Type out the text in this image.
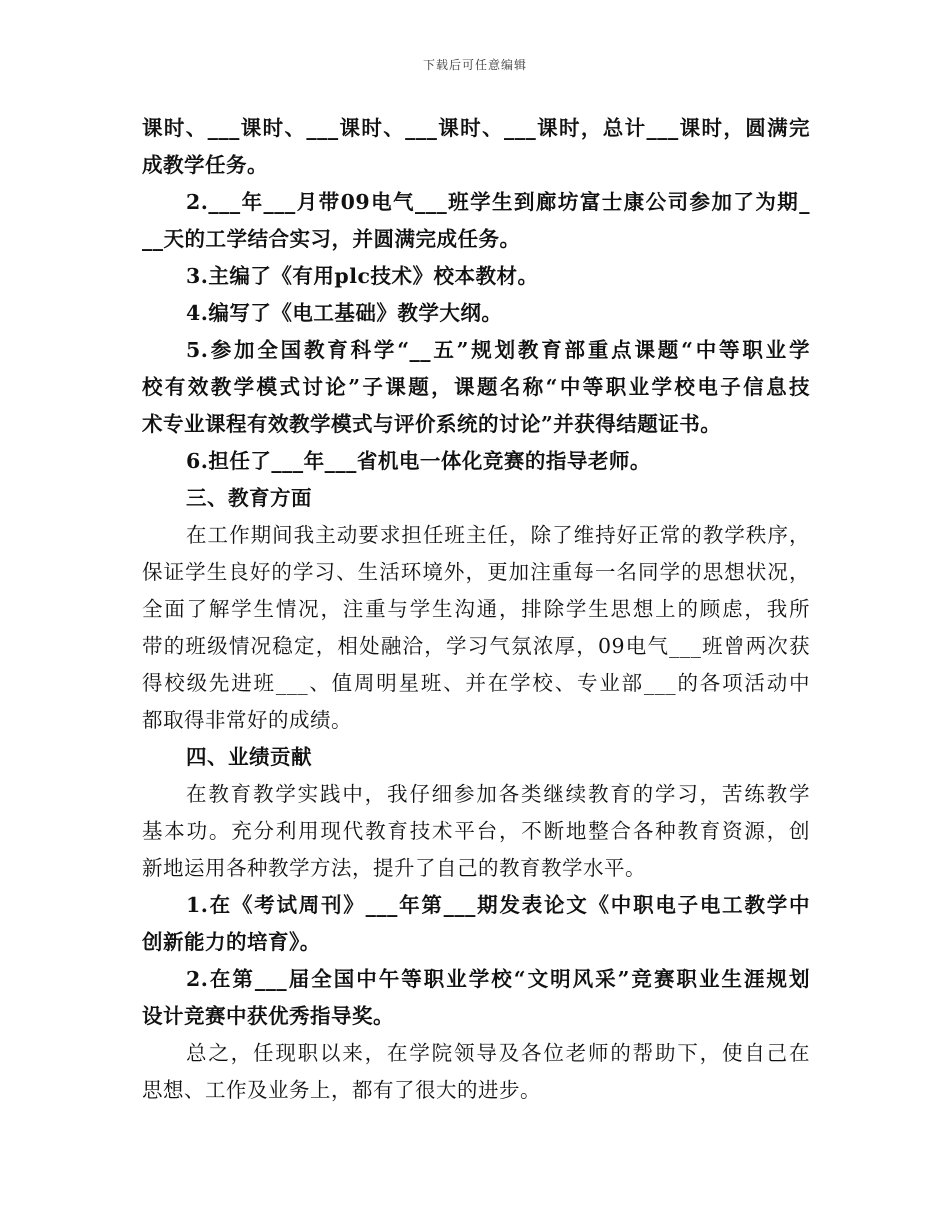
下载后可任意编辑
课时、___课时、___课时、___课时、___课时，总计___课时，圆满完
成教学任务。
2.___年___月带09电气___班学生到廊坊富士康公司参加了为期_
__天的工学结合实习，并圆满完成任务。
3.主编了《有用plc技术》校本教材。
4.编写了《电工基础》教学大纲。
5.参加全国教育科学“__五”规划教育部重点课题“中等职业学
校有效教学模式讨论”子课题，课题名称“中等职业学校电子信息技
术专业课程有效教学模式与评价系统的讨论”并获得结题证书。
6.担任了___年___省机电一体化竞赛的指导老师。
三、教育方面
在工作期间我主动要求担任班主任，除了维持好正常的教学秩序，
保证学生良好的学习、生活环境外，更加注重每一名同学的思想状况，
全面了解学生情况，注重与学生沟通，排除学生思想上的顾虑，我所
带的班级情况稳定，相处融洽，学习气氛浓厚，09电气___班曾两次获
得校级先进班___、值周明星班、并在学校、专业部___的各项活动中
都取得非常好的成绩。
四、业绩贡献
在教育教学实践中，我仔细参加各类继续教育的学习，苦练教学
基本功。充分利用现代教育技术平台，不断地整合各种教育资源，创
新地运用各种教学方法，提升了自己的教育教学水平。
1.在《考试周刊》___年第___期发表论文《中职电子电工教学中
创新能力的培育》。
2.在第___届全国中午等职业学校“文明风采”竞赛职业生涯规划
设计竞赛中获优秀指导奖。
总之，任现职以来，在学院领导及各位老师的帮助下，使自己在
思想、工作及业务上，都有了很大的进步。
